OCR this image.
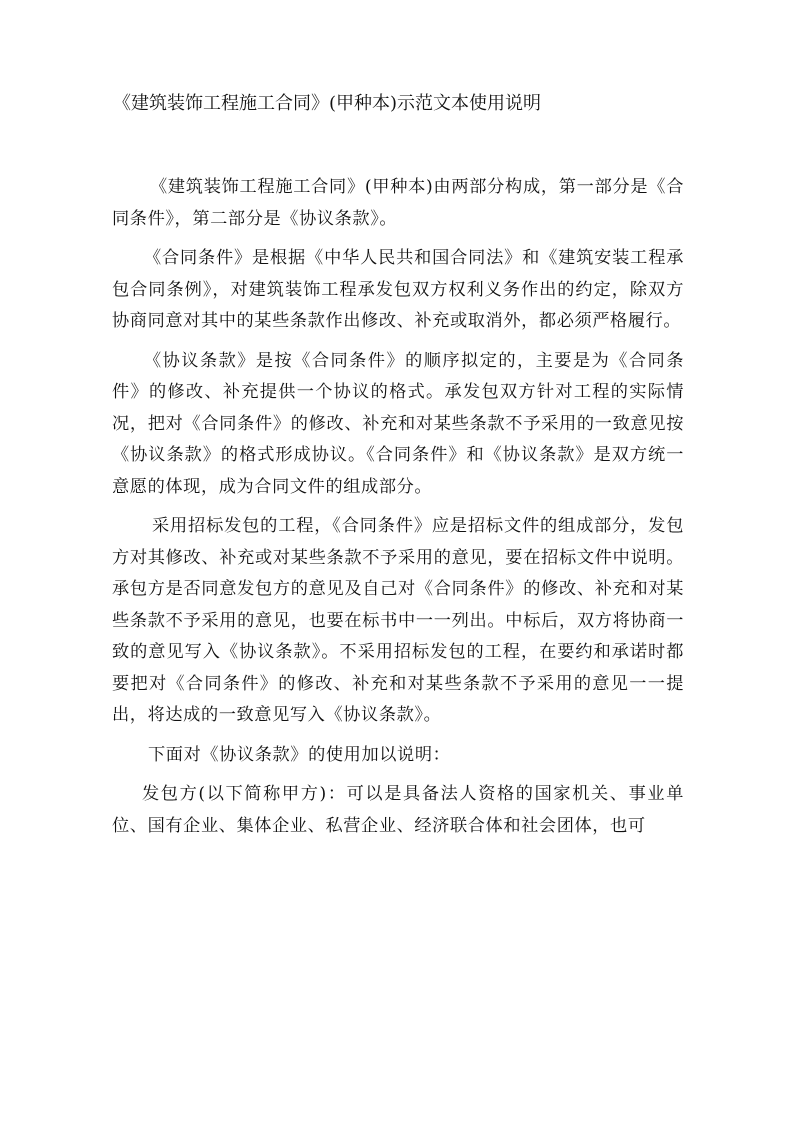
《建筑装饰工程施工合同》(甲种本)示范文本使用说明

《建筑装饰工程施工合同》(甲种本)由两部分构成，第一部分是《合同条件》，第二部分是《协议条款》。

《合同条件》是根据《中华人民共和国合同法》和《建筑安装工程承包合同条例》，对建筑装饰工程承发包双方权利义务作出的约定，除双方协商同意对其中的某些条款作出修改、补充或取消外，都必须严格履行。

《协议条款》是按《合同条件》的顺序拟定的，主要是为《合同条件》的修改、补充提供一个协议的格式。承发包双方针对工程的实际情况，把对《合同条件》的修改、补充和对某些条款不予采用的一致意见按《协议条款》的格式形成协议。《合同条件》和《协议条款》是双方统一意愿的体现，成为合同文件的组成部分。

采用招标发包的工程，《合同条件》应是招标文件的组成部分，发包方对其修改、补充或对某些条款不予采用的意见，要在招标文件中说明。承包方是否同意发包方的意见及自己对《合同条件》的修改、补充和对某些条款不予采用的意见，也要在标书中一一列出。中标后，双方将协商一致的意见写入《协议条款》。不采用招标发包的工程，在要约和承诺时都要把对《合同条件》的修改、补充和对某些条款不予采用的意见一一提出，将达成的一致意见写入《协议条款》。

下面对《协议条款》的使用加以说明：

发包方(以下简称甲方)：可以是具备法人资格的国家机关、事业单位、国有企业、集体企业、私营企业、经济联合体和社会团体，也可
